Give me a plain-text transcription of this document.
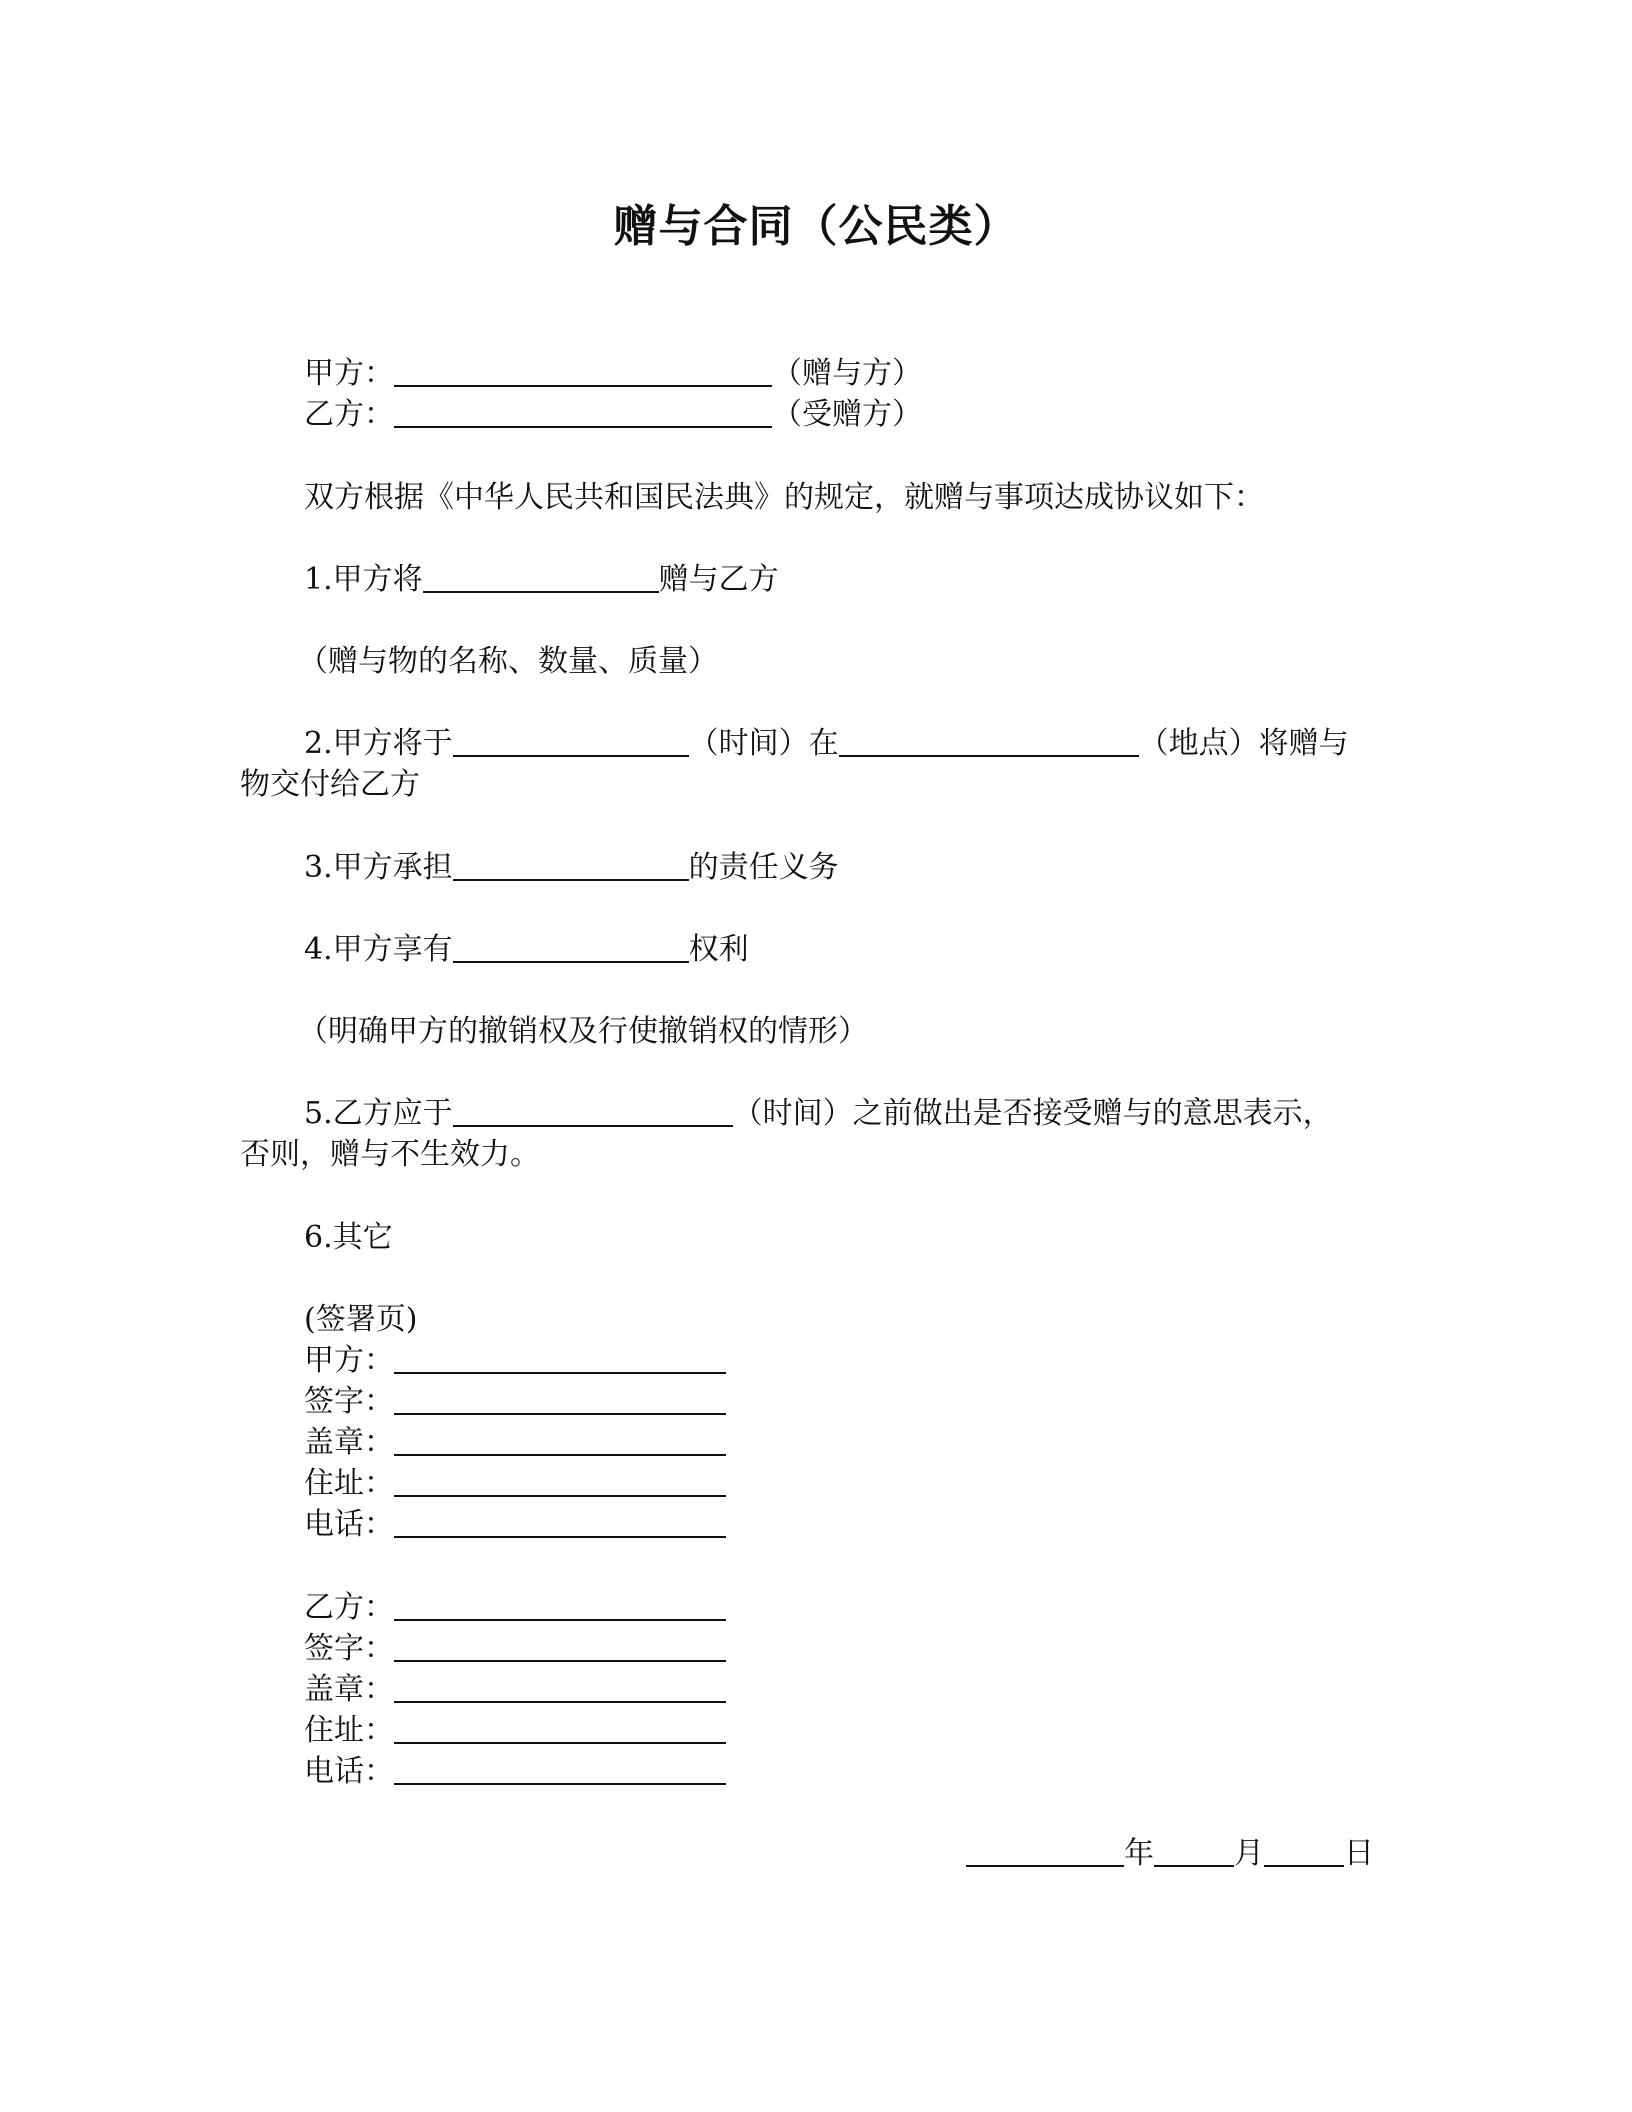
赠与合同（公民类）
甲方：	（赠与方）
乙方：	（受赠方）
双方根据《中华人民共和国民法典》的规定，就赠与事项达成协议如下：
1.甲方将	赠与乙方
（赠与物的名称、数量、质量）
2.甲方将于	（时间）在	（地点）将赠与
物交付给乙方
3.甲方承担	的责任义务
4.甲方享有	权利
（明确甲方的撤销权及行使撤销权的情形）
5.乙方应于	（时间）之前做出是否接受赠与的意思表示，
否则，赠与不生效力。
6.其它
(签署页)
甲方：
签字：
盖章：
住址：
电话：
乙方：
签字：
盖章：
住址：
电话：
年	月	日
